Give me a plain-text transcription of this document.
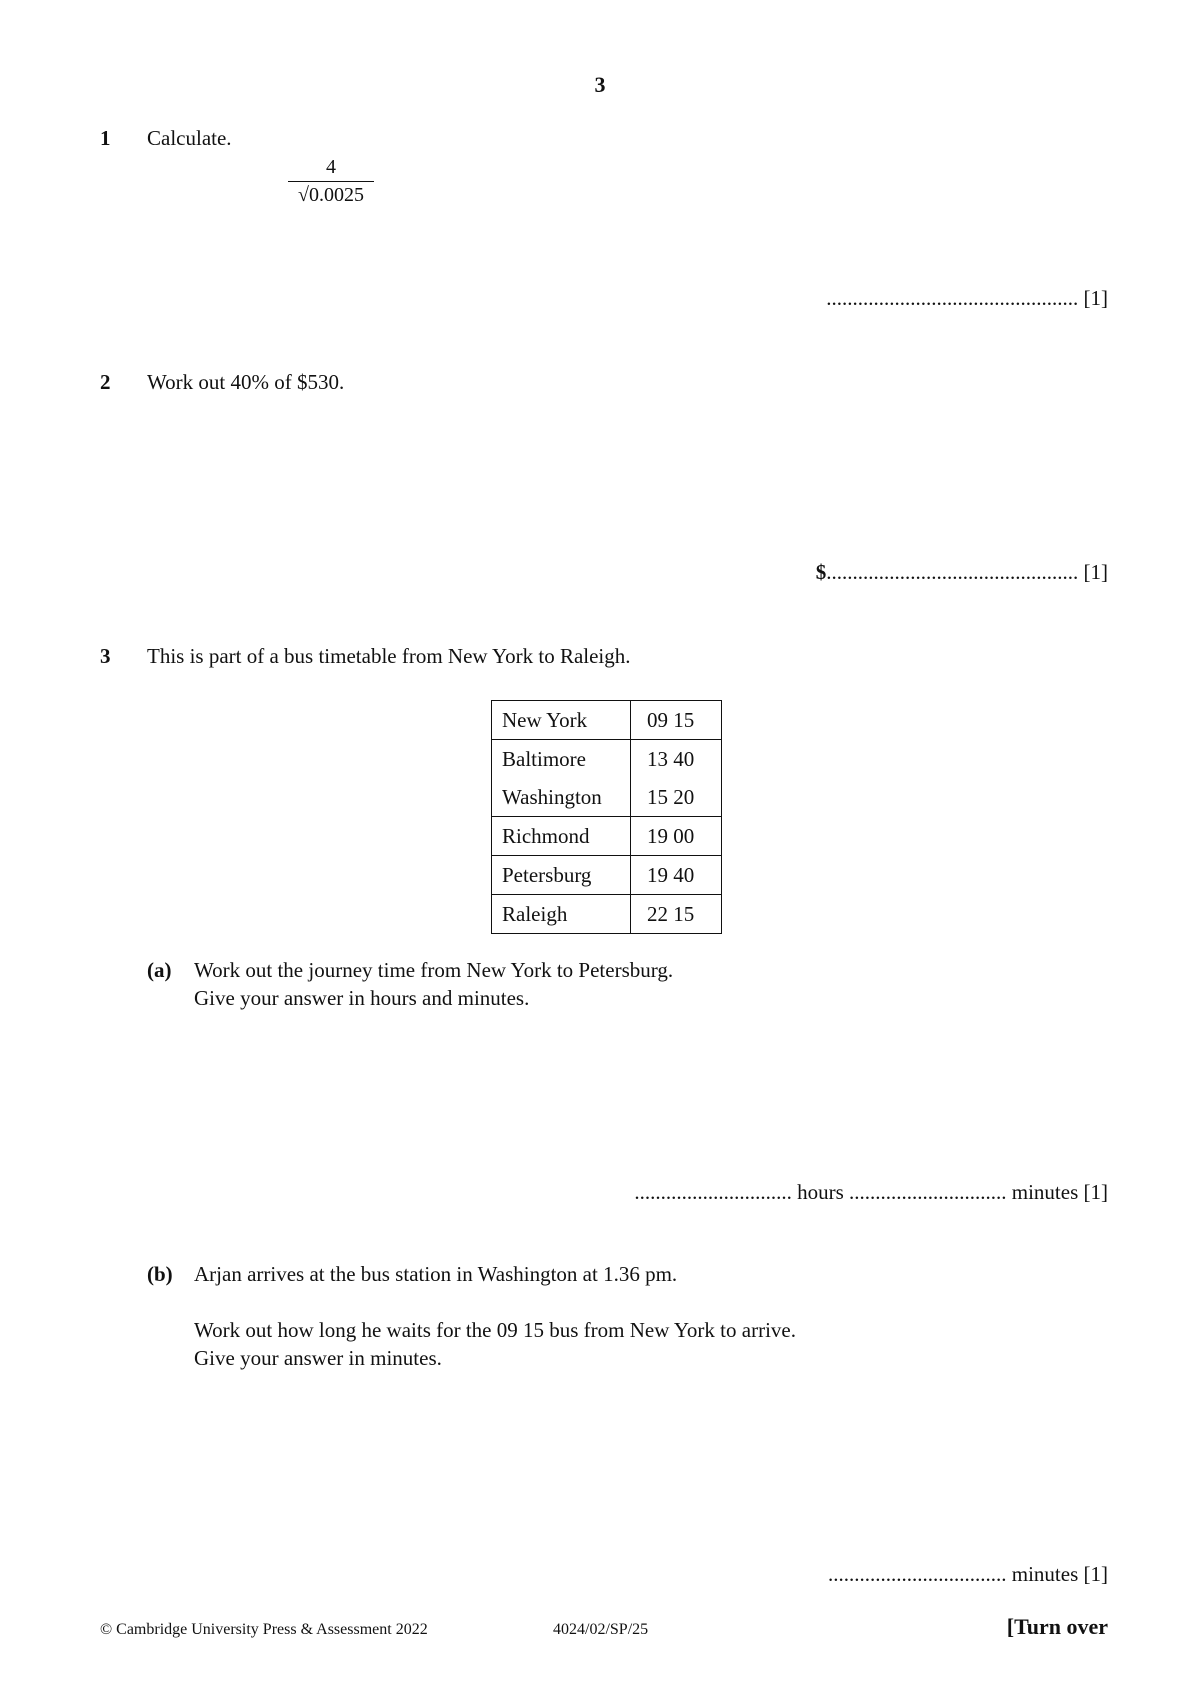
3
1 Calculate.
$\frac{4}{√0.0025}$
................................................ [1]
2 Work out 40% of $530.
$................................................ [1]
3 This is part of a bus timetable from New York to Raleigh.
New York	09 15
Baltimore	13 40
Washington	15 20
Richmond	19 00
Petersburg	19 40
Raleigh	22 15
(a) Work out the journey time from New York to Petersburg.
Give your answer in hours and minutes.
.............................. hours .............................. minutes [1]
(b) Arjan arrives at the bus station in Washington at 1.36 pm.
Work out how long he waits for the 09 15 bus from New York to arrive.
Give your answer in minutes.
.................................. minutes [1]
© Cambridge University Press & Assessment 2022	4024/02/SP/25	[Turn over
